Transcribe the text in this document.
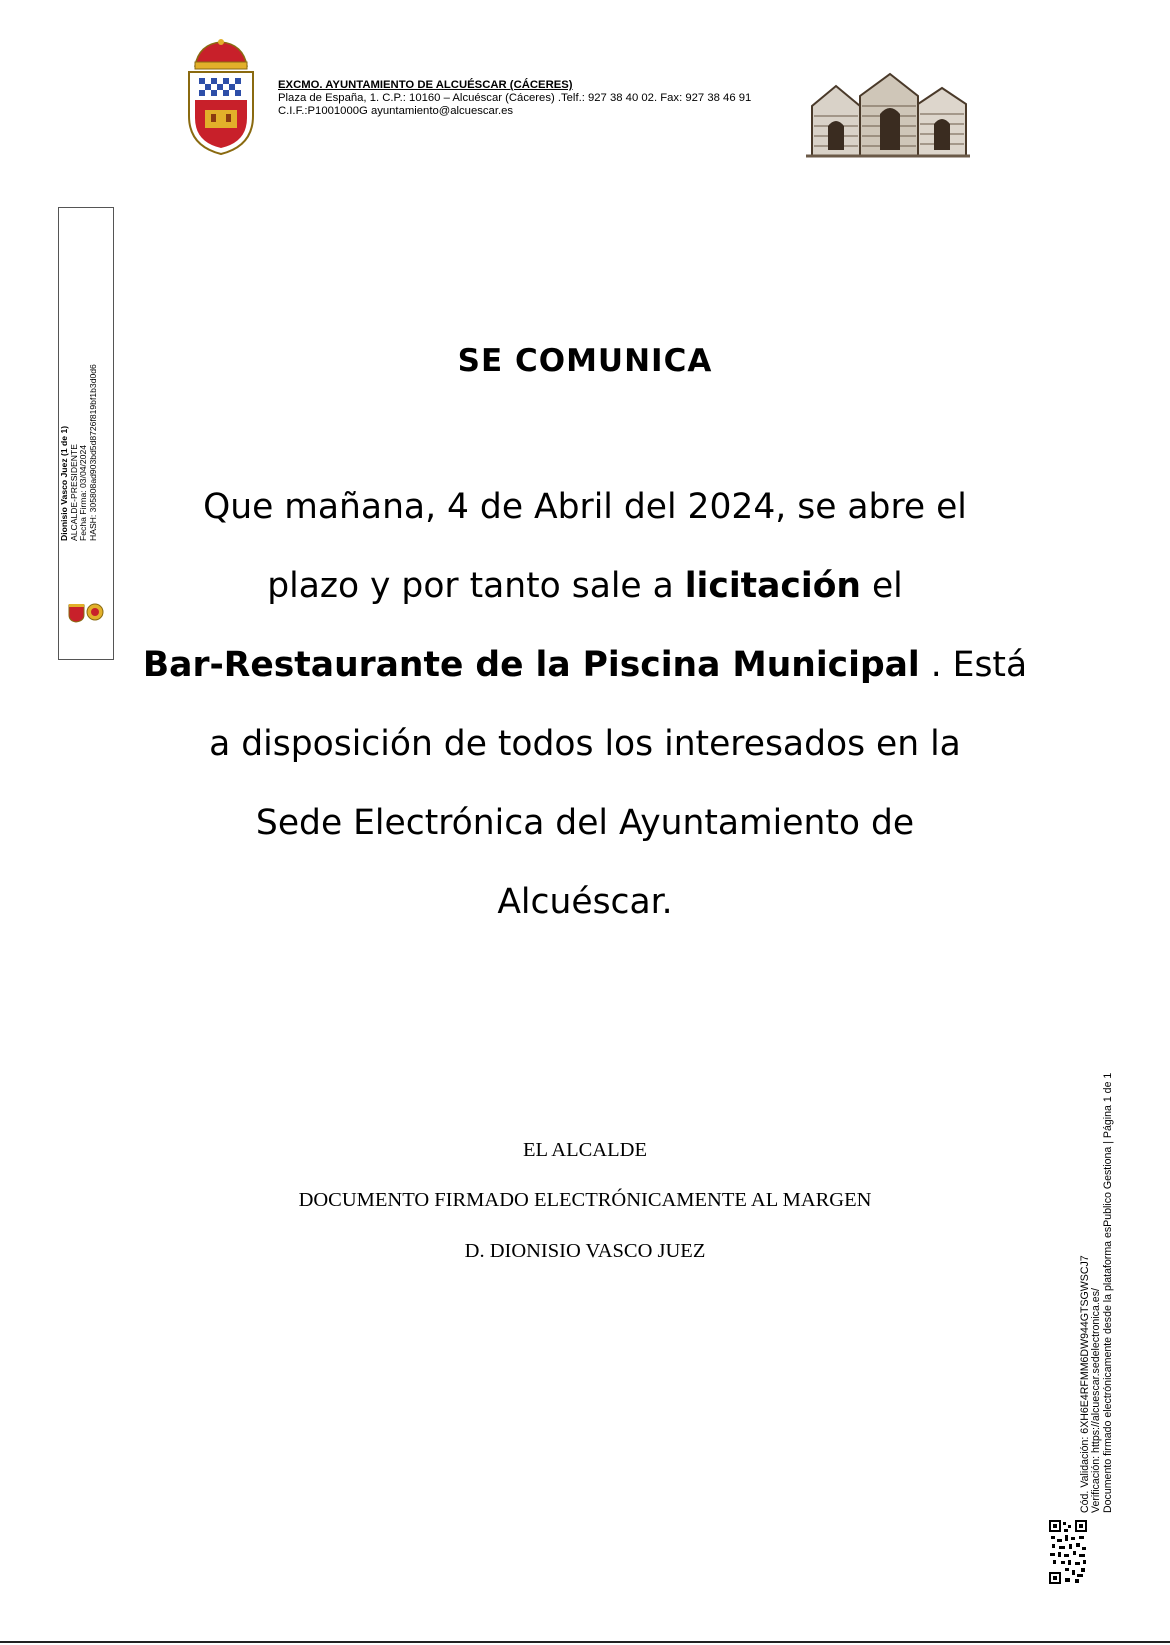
EXCMO. AYUNTAMIENTO DE ALCUÉSCAR (CÁCERES)
Plaza de España, 1. C.P.: 10160 – Alcuéscar (Cáceres) .Telf.: 927 38 40 02. Fax: 927 38 46 91
C.I.F.:P1001000G ayuntamiento@alcuescar.es
Dionisio Vasco Juez (1 de 1) ALCALDE-PRESIDENTE Fecha Firma: 03/04/2024 HASH: 305808ad903bd5d8726f819bf1b3d0d6
SE COMUNICA
Que mañana, 4 de Abril del 2024, se abre el
plazo y por tanto sale a licitación el
Bar-Restaurante de la Piscina Municipal . Está
a disposición de todos los interesados en la
Sede Electrónica del Ayuntamiento de
Alcuéscar.
EL ALCALDE
DOCUMENTO FIRMADO ELECTRÓNICAMENTE AL MARGEN
D. DIONISIO VASCO JUEZ
Cód. Validación: 6XH6E4RFMM6DW944GTSGWSCJ7 Verificación: https://alcuescar.sedelectronica.es/ Documento firmado electrónicamente desde la plataforma esPublico Gestiona | Página 1 de 1
